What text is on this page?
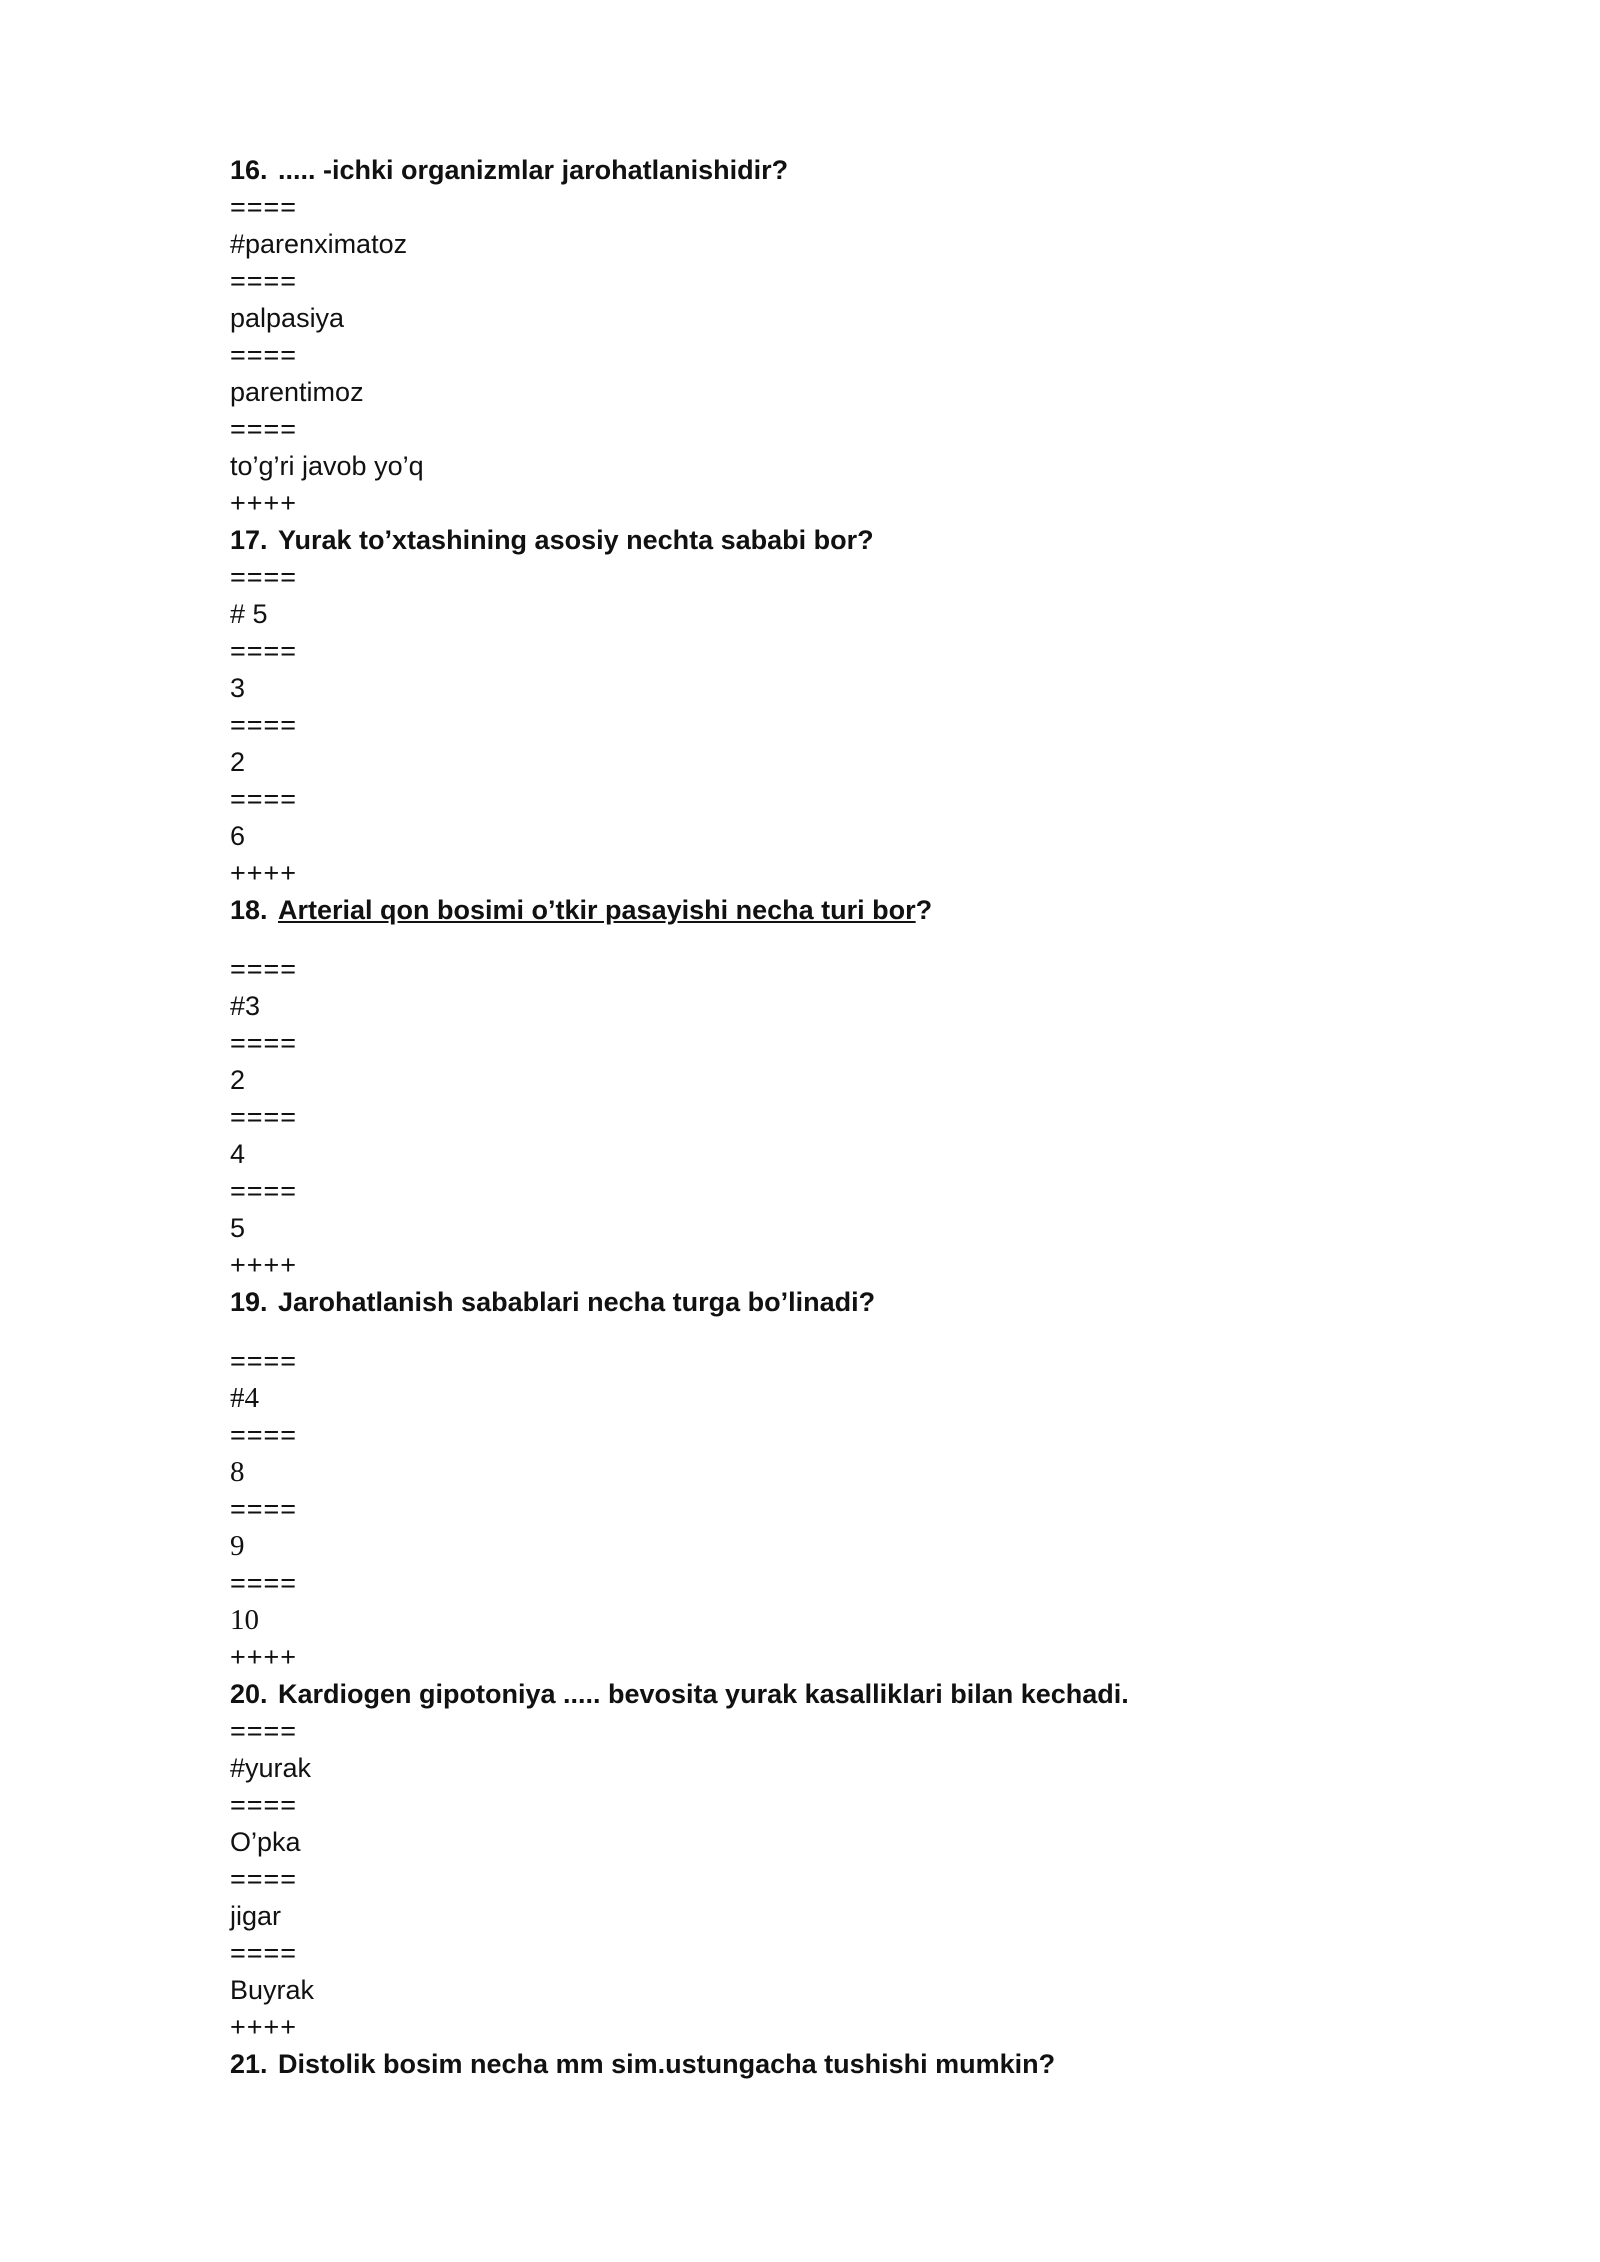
16. ..... -ichki organizmlar jarohatlanishidir?
====
#parenximatoz
====
palpasiya
====
parentimoz
====
to’g’ri javob yo’q
++++
17. Yurak to’xtashining asosiy nechta sababi bor?
====
# 5
====
3
====
2
====
6
++++
18. Arterial qon bosimi o’tkir pasayishi necha turi bor?
====
#3
====
2
====
4
====
5
++++
19. Jarohatlanish sabablari necha turga bo’linadi?
====
#4
====
8
====
9
====
10
++++
20. Kardiogen gipotoniya ..... bevosita yurak kasalliklari bilan kechadi.
====
#yurak
====
O’pka
====
jigar
====
Buyrak
++++
21. Distolik bosim necha mm sim.ustungacha tushishi mumkin?
